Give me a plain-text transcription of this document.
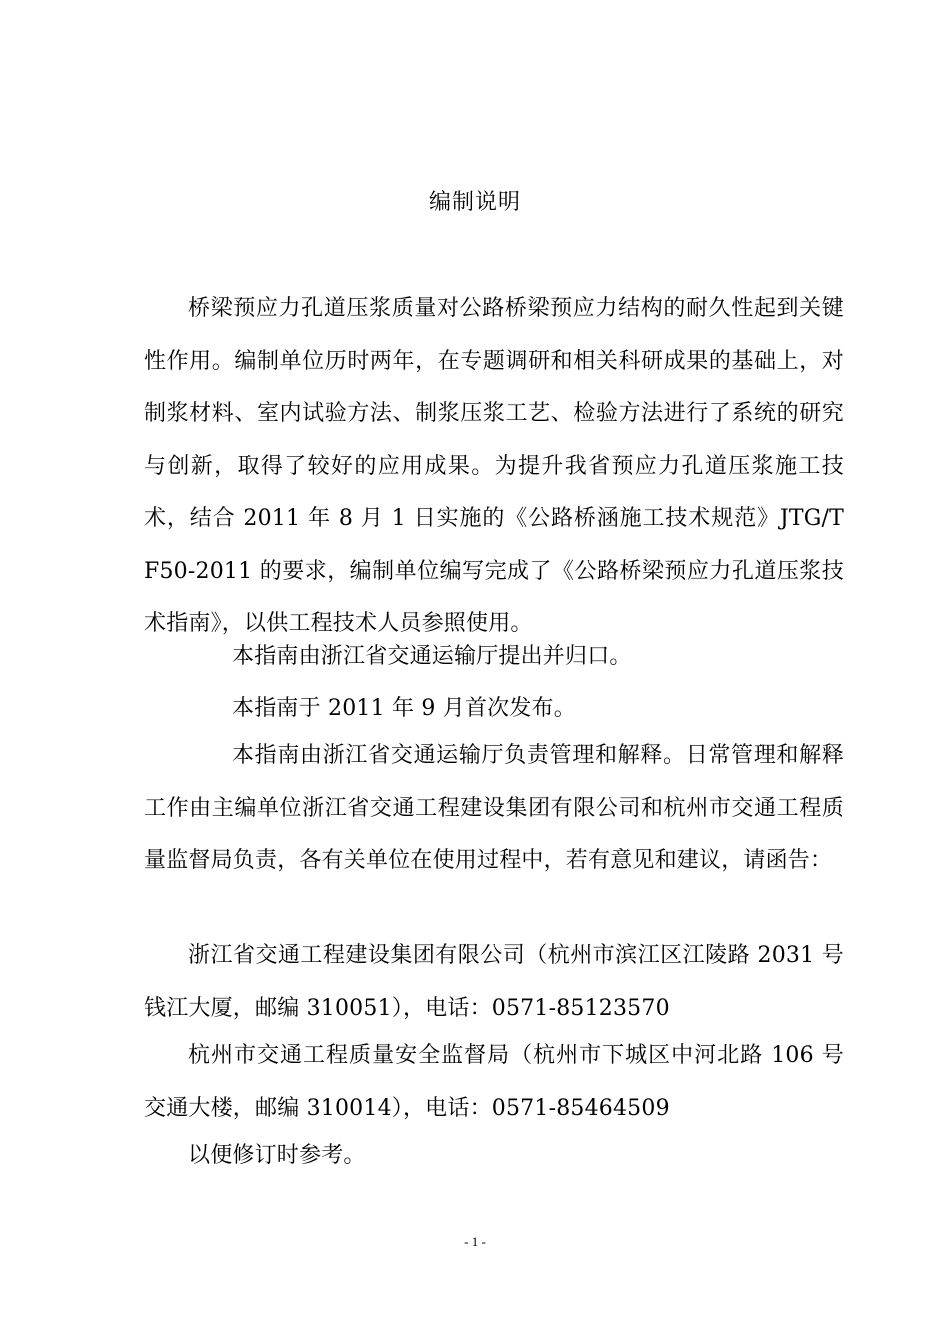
编制说明

桥梁预应力孔道压浆质量对公路桥梁预应力结构的耐久性起到关键性作用。编制单位历时两年，在专题调研和相关科研成果的基础上，对制浆材料、室内试验方法、制浆压浆工艺、检验方法进行了系统的研究与创新，取得了较好的应用成果。为提升我省预应力孔道压浆施工技术，结合 2011 年 8 月 1 日实施的《公路桥涵施工技术规范》JTG/T F50-2011 的要求，编制单位编写完成了《公路桥梁预应力孔道压浆技术指南》，以供工程技术人员参照使用。

本指南由浙江省交通运输厅提出并归口。

本指南于 2011 年 9 月首次发布。

本指南由浙江省交通运输厅负责管理和解释。日常管理和解释工作由主编单位浙江省交通工程建设集团有限公司和杭州市交通工程质量监督局负责，各有关单位在使用过程中，若有意见和建议，请函告：

浙江省交通工程建设集团有限公司（杭州市滨江区江陵路 2031 号钱江大厦，邮编 310051），电话：0571-85123570

杭州市交通工程质量安全监督局（杭州市下城区中河北路 106 号交通大楼，邮编 310014），电话：0571-85464509

以便修订时参考。

- 1 -
